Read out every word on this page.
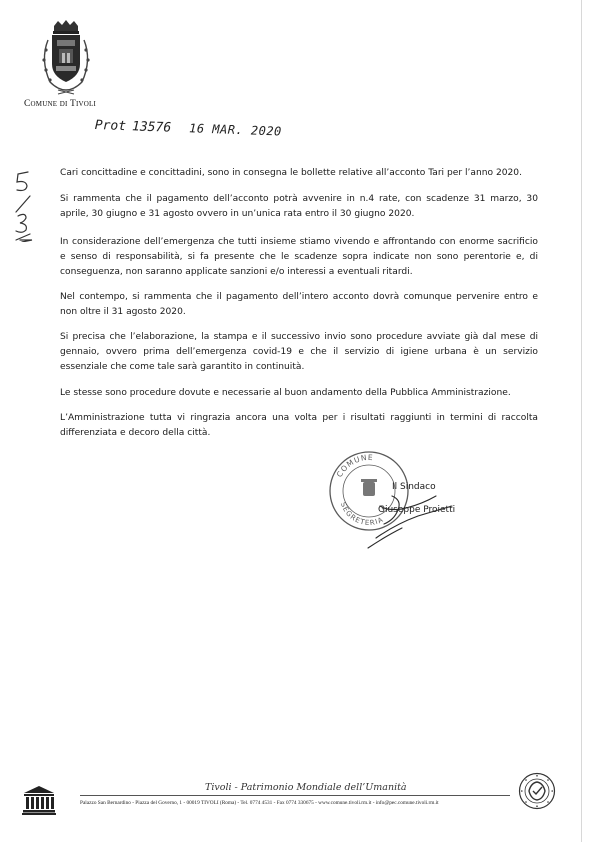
Comune di Tivoli
Prot 13576 16 MAR. 2020

Cari concittadine e concittadini, sono in consegna le bollette relative all’acconto Tari per l’anno 2020.

Si rammenta che il pagamento dell’acconto potrà avvenire in n.4 rate, con scadenze 31 marzo, 30 aprile, 30 giugno e 31 agosto ovvero in un’unica rata entro il 30 giugno 2020.

In considerazione dell’emergenza che tutti insieme stiamo vivendo e affrontando con enorme sacrificio e senso di responsabilità, si fa presente che le scadenze sopra indicate non sono perentorie e, di conseguenza, non saranno applicate sanzioni e/o interessi a eventuali ritardi.

Nel contempo, si rammenta che il pagamento dell’intero acconto dovrà comunque pervenire entro e non oltre il 31 agosto 2020.

Si precisa che l’elaborazione, la stampa e il successivo invio sono procedure avviate già dal mese di gennaio, ovvero prima dell’emergenza covid-19 e che il servizio di igiene urbana è un servizio essenziale che come tale sarà garantito in continuità.

Le stesse sono procedure dovute e necessarie al buon andamento della Pubblica Amministrazione.

L’Amministrazione tutta vi ringrazia ancora una volta per i risultati raggiunti in termini di raccolta differenziata e decoro della città.

COMUNE
SEGRETERIA
Il Sindaco
Giuseppe Proietti
Tivoli - Patrimonio Mondiale dell’Umanità
Palazzo San Bernardino - Piazza del Governo, 1 - 00019 TIVOLI (Roma) - Tel. 0774 4531 - Fax 0774 330675 - www.comune.tivoli.rm.it - info@pec.comune.tivoli.rm.it
